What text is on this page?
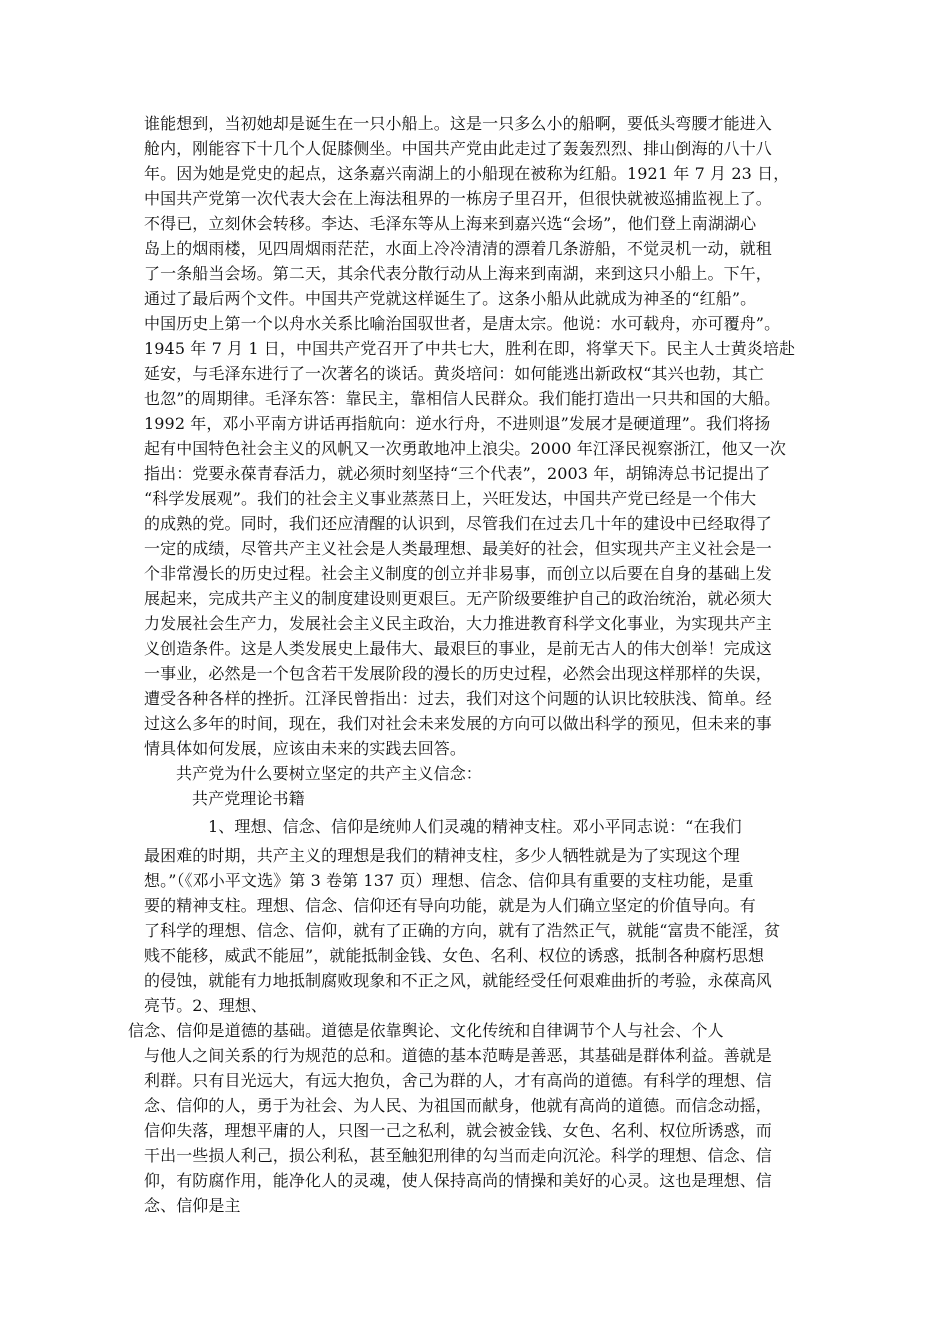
谁能想到，当初她却是诞生在一只小船上。这是一只多么小的船啊，要低头弯腰才能进入
舱内，刚能容下十几个人促膝侧坐。中国共产党由此走过了轰轰烈烈、排山倒海的八十八
年。因为她是党史的起点，这条嘉兴南湖上的小船现在被称为红船。1921 年 7 月 23 日，
中国共产党第一次代表大会在上海法租界的一栋房子里召开，但很快就被巡捕监视上了。
不得已，立刻休会转移。李达、毛泽东等从上海来到嘉兴选“会场”，他们登上南湖湖心
岛上的烟雨楼，见四周烟雨茫茫，水面上冷冷清清的漂着几条游船，不觉灵机一动，就租
了一条船当会场。第二天，其余代表分散行动从上海来到南湖，来到这只小船上。下午，
通过了最后两个文件。中国共产党就这样诞生了。这条小船从此就成为神圣的“红船”。
中国历史上第一个以舟水关系比喻治国驭世者，是唐太宗。他说：水可载舟，亦可覆舟”。
1945 年 7 月 1 日，中国共产党召开了中共七大，胜利在即，将掌天下。民主人士黄炎培赴
延安，与毛泽东进行了一次著名的谈话。黄炎培问：如何能逃出新政权“其兴也勃，其亡
也忽”的周期律。毛泽东答：靠民主，靠相信人民群众。我们能打造出一只共和国的大船。
1992 年，邓小平南方讲话再指航向：逆水行舟，不进则退”发展才是硬道理”。我们将扬
起有中国特色社会主义的风帆又一次勇敢地冲上浪尖。2000 年江泽民视察浙江，他又一次
指出：党要永葆青春活力，就必须时刻坚持“三个代表”，2003 年，胡锦涛总书记提出了
“科学发展观”。我们的社会主义事业蒸蒸日上，兴旺发达，中国共产党已经是一个伟大
的成熟的党。同时，我们还应清醒的认识到，尽管我们在过去几十年的建设中已经取得了
一定的成绩，尽管共产主义社会是人类最理想、最美好的社会，但实现共产主义社会是一
个非常漫长的历史过程。社会主义制度的创立并非易事，而创立以后要在自身的基础上发
展起来，完成共产主义的制度建设则更艰巨。无产阶级要维护自己的政治统治，就必须大
力发展社会生产力，发展社会主义民主政治，大力推进教育科学文化事业，为实现共产主
义创造条件。这是人类发展史上最伟大、最艰巨的事业，是前无古人的伟大创举！完成这
一事业，必然是一个包含若干发展阶段的漫长的历史过程，必然会出现这样那样的失误，
遭受各种各样的挫折。江泽民曾指出：过去，我们对这个问题的认识比较肤浅、简单。经
过这么多年的时间，现在，我们对社会未来发展的方向可以做出科学的预见，但未来的事
情具体如何发展，应该由未来的实践去回答。
共产党为什么要树立坚定的共产主义信念：
共产党理论书籍
1、理想、信念、信仰是统帅人们灵魂的精神支柱。邓小平同志说：“在我们
最困难的时期，共产主义的理想是我们的精神支柱，多少人牺牲就是为了实现这个理
想。”（《邓小平文选》第 3 卷第 137 页）理想、信念、信仰具有重要的支柱功能，是重
要的精神支柱。理想、信念、信仰还有导向功能，就是为人们确立坚定的价值导向。有
了科学的理想、信念、信仰，就有了正确的方向，就有了浩然正气，就能“富贵不能淫，贫
贱不能移，威武不能屈”，就能抵制金钱、女色、名利、权位的诱惑，抵制各种腐朽思想
的侵蚀，就能有力地抵制腐败现象和不正之风，就能经受任何艰难曲折的考验，永葆高风
亮节。2、理想、
信念、信仰是道德的基础。道德是依靠舆论、文化传统和自律调节个人与社会、个人
与他人之间关系的行为规范的总和。道德的基本范畴是善恶，其基础是群体利益。善就是
利群。只有目光远大，有远大抱负，舍己为群的人，才有高尚的道德。有科学的理想、信
念、信仰的人，勇于为社会、为人民、为祖国而献身，他就有高尚的道德。而信念动摇，
信仰失落，理想平庸的人，只图一己之私利，就会被金钱、女色、名利、权位所诱惑，而
干出一些损人利己，损公利私，甚至触犯刑律的勾当而走向沉沦。科学的理想、信念、信
仰，有防腐作用，能净化人的灵魂，使人保持高尚的情操和美好的心灵。这也是理想、信
念、信仰是主
